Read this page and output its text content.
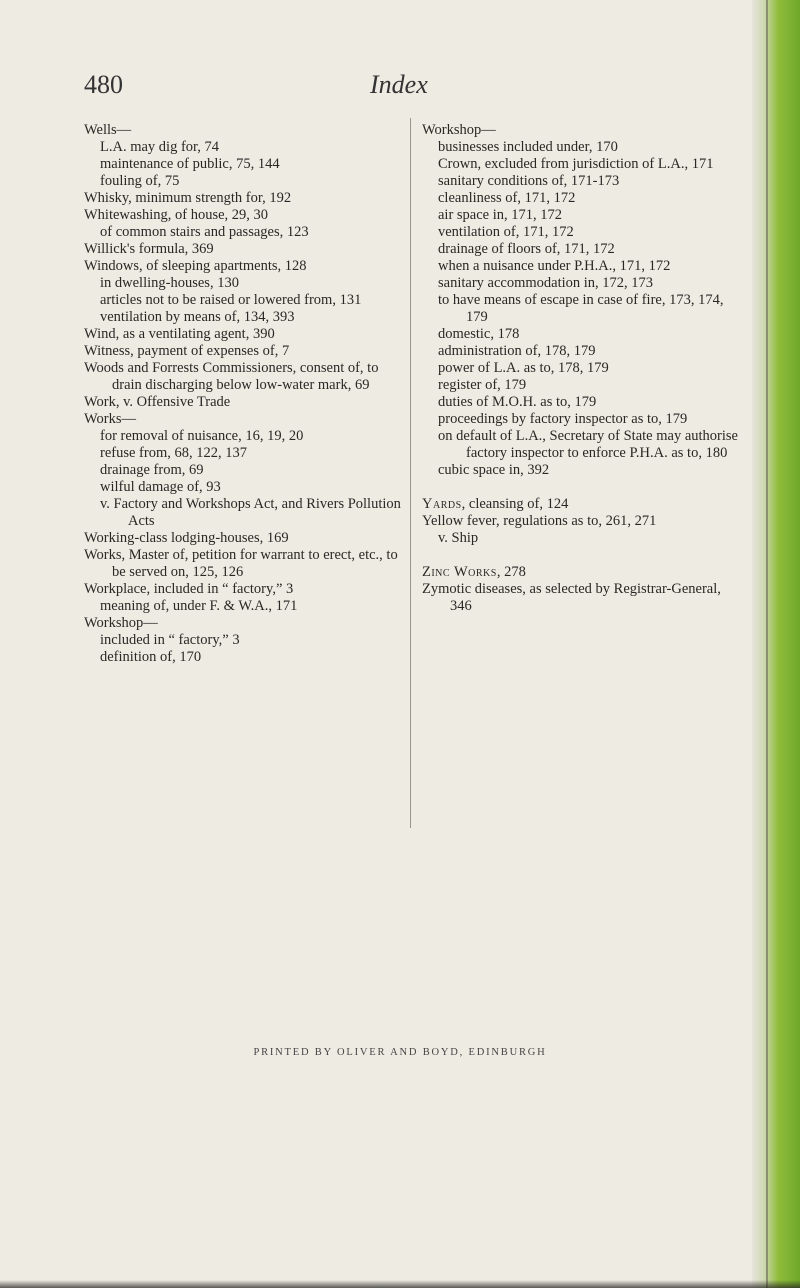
480	Index

Wells—

L.A. may dig for, 74

maintenance of public, 75, 144

fouling of, 75

Whisky, minimum strength for, 192

Whitewashing, of house, 29, 30

of common stairs and passages, 123

Willick's formula, 369

Windows, of sleeping apartments, 128

in dwelling-houses, 130

articles not to be raised or lowered from, 131

ventilation by means of, 134, 393

Wind, as a ventilating agent, 390

Witness, payment of expenses of, 7

Woods and Forrests Commissioners, consent of, to drain discharging below low-water mark, 69

Work, v. Offensive Trade

Works—

for removal of nuisance, 16, 19, 20

refuse from, 68, 122, 137

drainage from, 69

wilful damage of, 93

v. Factory and Workshops Act, and Rivers Pollution Acts

Working-class lodging-houses, 169

Works, Master of, petition for warrant to erect, etc., to be served on, 125, 126

Workplace, included in “ factory,” 3

meaning of, under F. & W.A., 171

Workshop—

included in “ factory,” 3

definition of, 170

Workshop—

businesses included under, 170

Crown, excluded from jurisdiction of L.A., 171

sanitary conditions of, 171-173

cleanliness of, 171, 172

air space in, 171, 172

ventilation of, 171, 172

drainage of floors of, 171, 172

when a nuisance under P.H.A., 171, 172

sanitary accommodation in, 172, 173

to have means of escape in case of fire, 173, 174, 179

domestic, 178

administration of, 178, 179

power of L.A. as to, 178, 179

register of, 179

duties of M.O.H. as to, 179

proceedings by factory inspector as to, 179

on default of L.A., Secretary of State may authorise factory inspector to enforce P.H.A. as to, 180

cubic space in, 392

Yards, cleansing of, 124

Yellow fever, regulations as to, 261, 271

v. Ship

Zinc Works, 278

Zymotic diseases, as selected by Registrar-General, 346

PRINTED BY OLIVER AND BOYD, EDINBURGH
